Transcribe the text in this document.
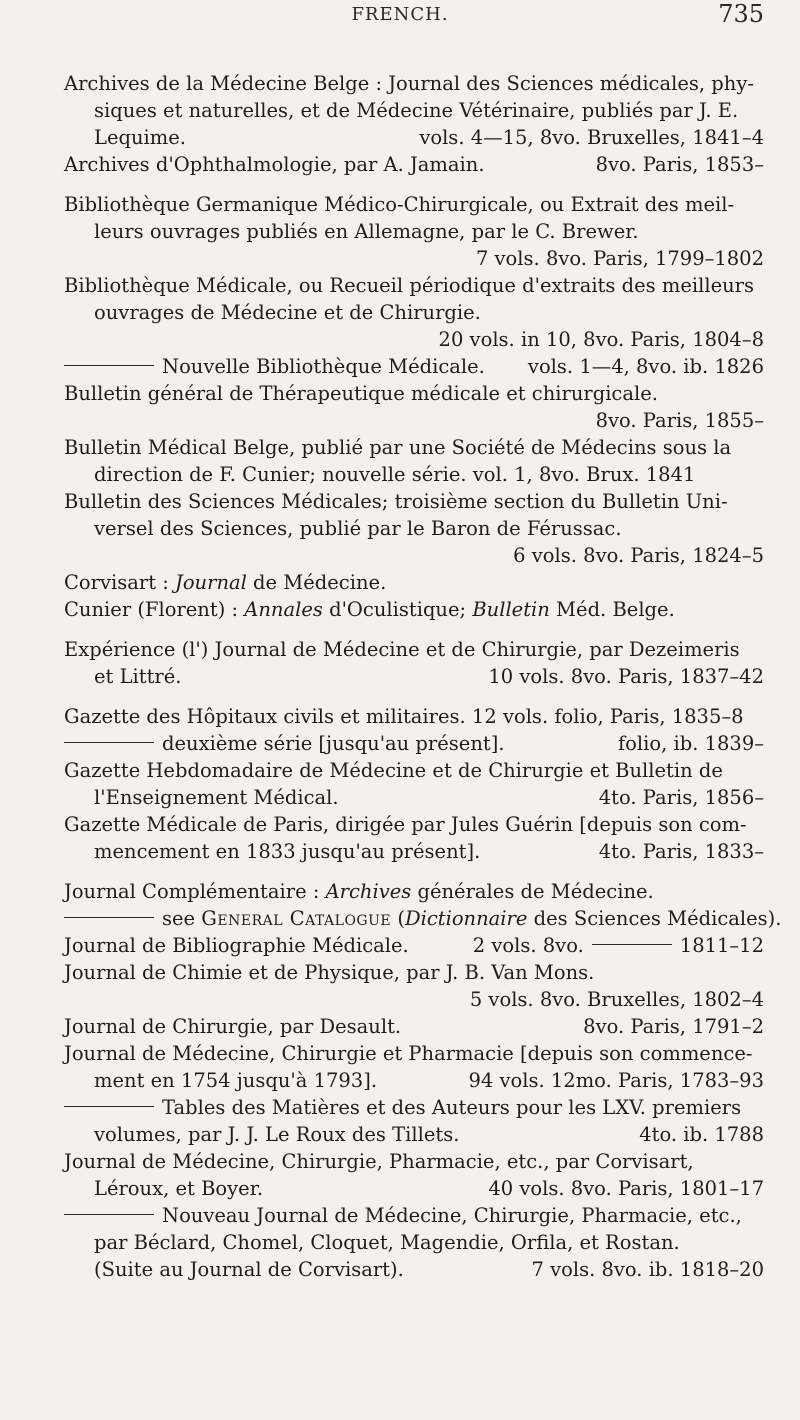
FRENCH.	735
Archives de la Médecine Belge : Journal des Sciences médicales, phy-
siques et naturelles, et de Médecine Vétérinaire, publiés par J. E.
Lequime.	vols. 4—15, 8vo. Bruxelles, 1841–4
Archives d'Ophthalmologie, par A. Jamain.	8vo. Paris, 1853–
Bibliothèque Germanique Médico-Chirurgicale, ou Extrait des meil-
leurs ouvrages publiés en Allemagne, par le C. Brewer.
7 vols. 8vo. Paris, 1799–1802
Bibliothèque Médicale, ou Recueil périodique d'extraits des meilleurs
ouvrages de Médecine et de Chirurgie.
20 vols. in 10, 8vo. Paris, 1804–8
Nouvelle Bibliothèque Médicale. vols. 1—4, 8vo. ib. 1826
Bulletin général de Thérapeutique médicale et chirurgicale.
8vo. Paris, 1855–
Bulletin Médical Belge, publié par une Société de Médecins sous la
direction de F. Cunier; nouvelle série. vol. 1, 8vo. Brux. 1841
Bulletin des Sciences Médicales; troisième section du Bulletin Uni-
versel des Sciences, publié par le Baron de Férussac.
6 vols. 8vo. Paris, 1824–5
Corvisart : Journal de Médecine.
Cunier (Florent) : Annales d'Oculistique; Bulletin Méd. Belge.
Expérience (l') Journal de Médecine et de Chirurgie, par Dezeimeris
et Littré.	10 vols. 8vo. Paris, 1837–42
Gazette des Hôpitaux civils et militaires. 12 vols. folio, Paris, 1835–8
deuxième série [jusqu'au présent].	folio, ib. 1839–
Gazette Hebdomadaire de Médecine et de Chirurgie et Bulletin de
l'Enseignement Médical.	4to. Paris, 1856–
Gazette Médicale de Paris, dirigée par Jules Guérin [depuis son com-
mencement en 1833 jusqu'au présent].	4to. Paris, 1833–
Journal Complémentaire : Archives générales de Médecine.
see General Catalogue (Dictionnaire des Sciences Médicales).
Journal de Bibliographie Médicale.	2 vols. 8vo.	1811–12
Journal de Chimie et de Physique, par J. B. Van Mons.
5 vols. 8vo. Bruxelles, 1802–4
Journal de Chirurgie, par Desault.	8vo. Paris, 1791–2
Journal de Médecine, Chirurgie et Pharmacie [depuis son commence-
ment en 1754 jusqu'à 1793].	94 vols. 12mo. Paris, 1783–93
Tables des Matières et des Auteurs pour les LXV. premiers
volumes, par J. J. Le Roux des Tillets.	4to. ib. 1788
Journal de Médecine, Chirurgie, Pharmacie, etc., par Corvisart,
Léroux, et Boyer.	40 vols. 8vo. Paris, 1801–17
Nouveau Journal de Médecine, Chirurgie, Pharmacie, etc.,
par Béclard, Chomel, Cloquet, Magendie, Orfila, et Rostan.
(Suite au Journal de Corvisart).	7 vols. 8vo. ib. 1818–20
